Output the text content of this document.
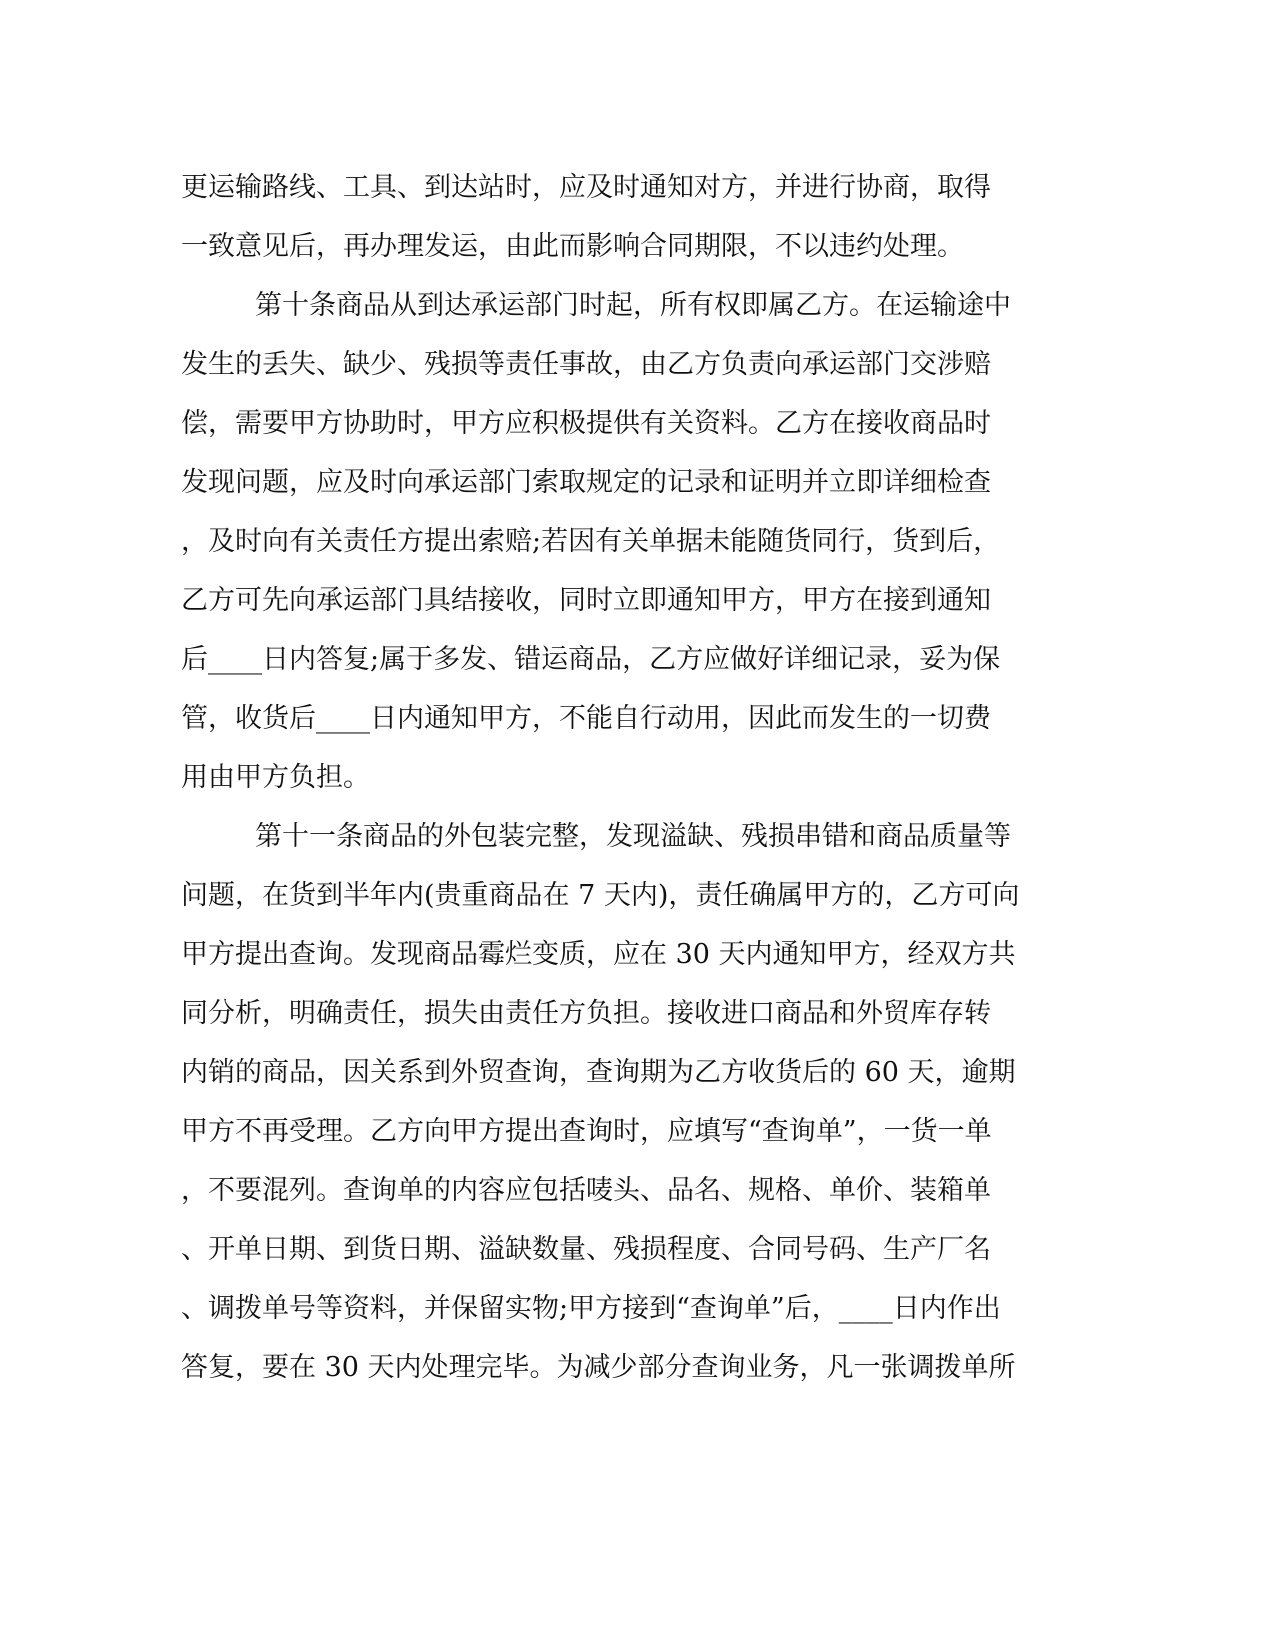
更运输路线、工具、到达站时，应及时通知对方，并进行协商，取得
一致意见后，再办理发运，由此而影响合同期限，不以违约处理。
第十条商品从到达承运部门时起，所有权即属乙方。在运输途中
发生的丢失、缺少、残损等责任事故，由乙方负责向承运部门交涉赔
偿，需要甲方协助时，甲方应积极提供有关资料。乙方在接收商品时
发现问题，应及时向承运部门索取规定的记录和证明并立即详细检查
，及时向有关责任方提出索赔;若因有关单据未能随货同行，货到后，
乙方可先向承运部门具结接收，同时立即通知甲方，甲方在接到通知
后____日内答复;属于多发、错运商品，乙方应做好详细记录，妥为保
管，收货后____日内通知甲方，不能自行动用，因此而发生的一切费
用由甲方负担。
第十一条商品的外包装完整，发现溢缺、残损串错和商品质量等
问题，在货到半年内(贵重商品在 7 天内)，责任确属甲方的，乙方可向
甲方提出查询。发现商品霉烂变质，应在 30 天内通知甲方，经双方共
同分析，明确责任，损失由责任方负担。接收进口商品和外贸库存转
内销的商品，因关系到外贸查询，查询期为乙方收货后的 60 天，逾期
甲方不再受理。乙方向甲方提出查询时，应填写“查询单”，一货一单
，不要混列。查询单的内容应包括唛头、品名、规格、单价、装箱单
、开单日期、到货日期、溢缺数量、残损程度、合同号码、生产厂名
、调拨单号等资料，并保留实物;甲方接到“查询单”后，____日内作出
答复，要在 30 天内处理完毕。为减少部分查询业务，凡一张调拨单所
